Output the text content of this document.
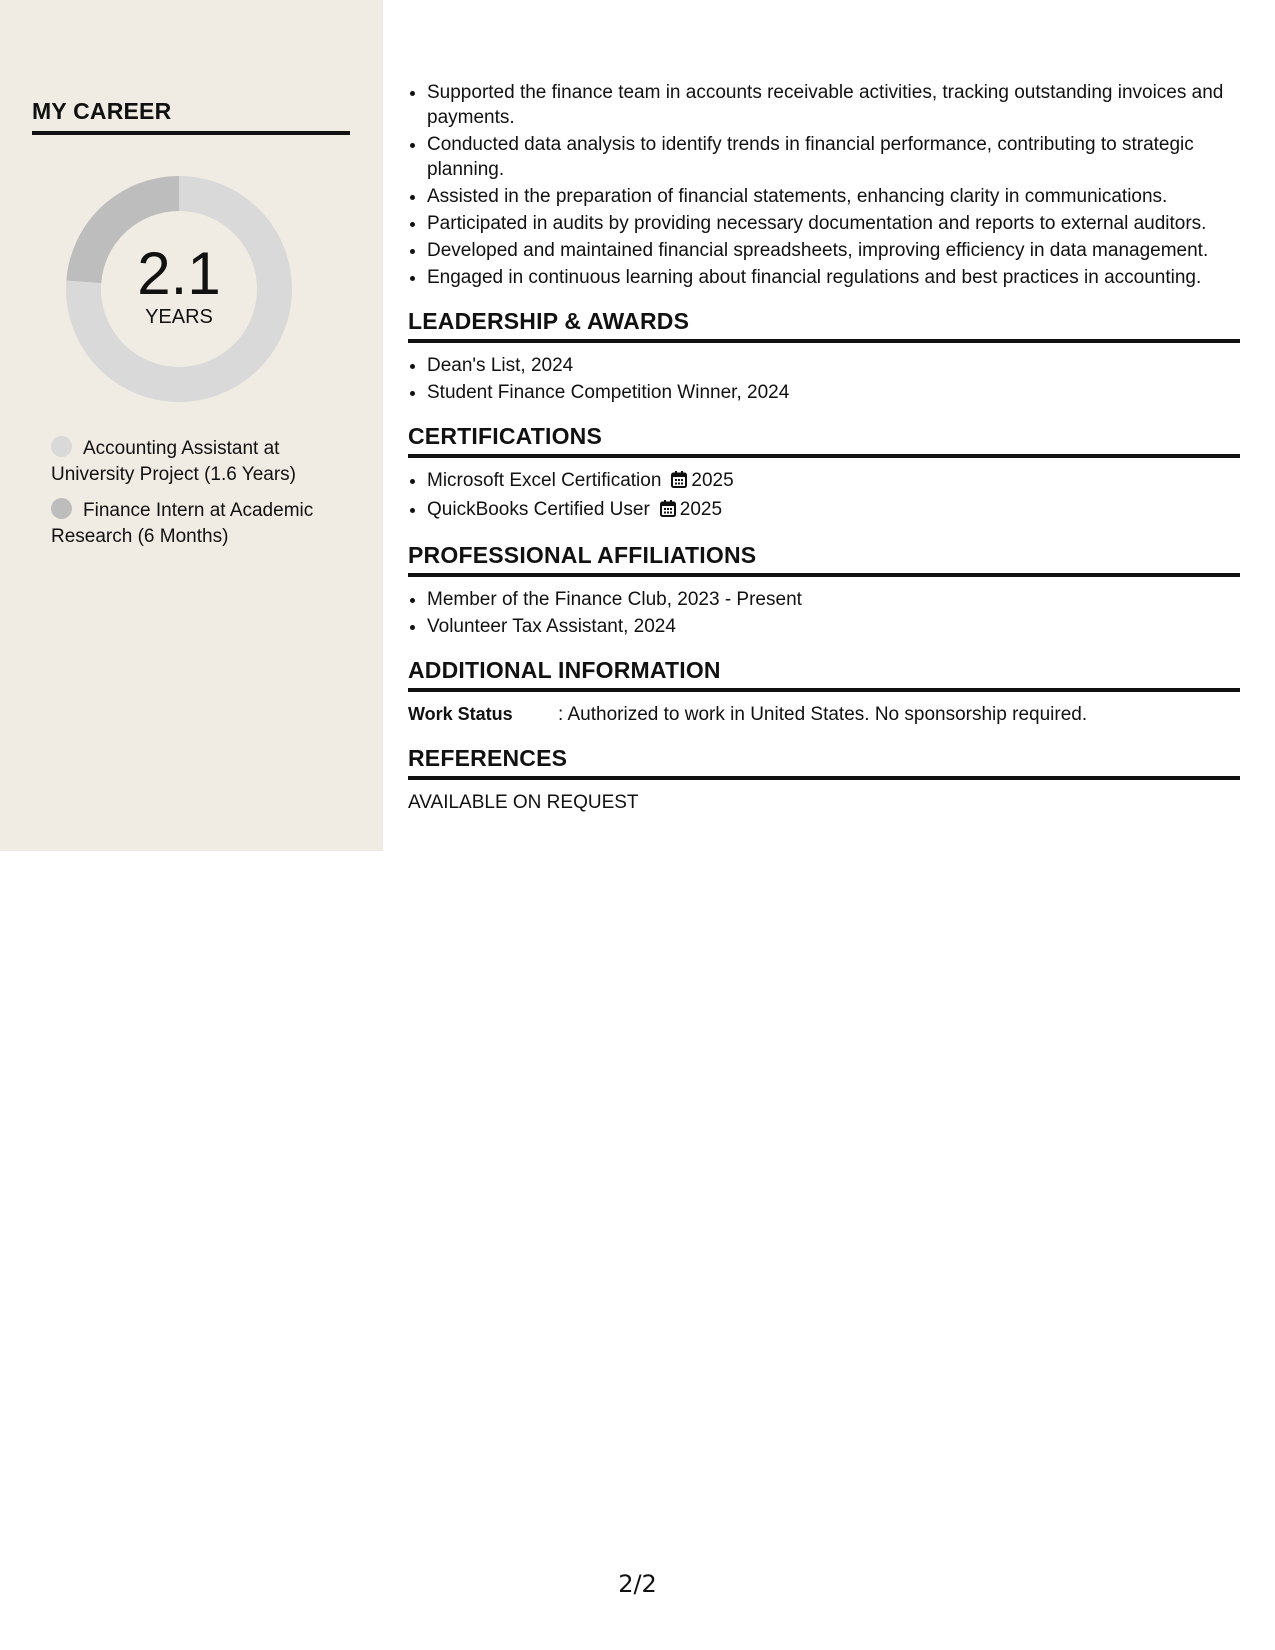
MY CAREER
2.1
YEARS
Accounting Assistant at University Project (1.6 Years)
Finance Intern at Academic Research (6 Months)
• Supported the finance team in accounts receivable activities, tracking outstanding invoices and payments.
• Conducted data analysis to identify trends in financial performance, contributing to strategic planning.
• Assisted in the preparation of financial statements, enhancing clarity in communications.
• Participated in audits by providing necessary documentation and reports to external auditors.
• Developed and maintained financial spreadsheets, improving efficiency in data management.
• Engaged in continuous learning about financial regulations and best practices in accounting.
LEADERSHIP & AWARDS
• Dean's List, 2024
• Student Finance Competition Winner, 2024
CERTIFICATIONS
• Microsoft Excel Certification 2025
• QuickBooks Certified User 2025
PROFESSIONAL AFFILIATIONS
• Member of the Finance Club, 2023 - Present
• Volunteer Tax Assistant, 2024
ADDITIONAL INFORMATION
Work Status	: Authorized to work in United States. No sponsorship required.
REFERENCES
AVAILABLE ON REQUEST
2/2
